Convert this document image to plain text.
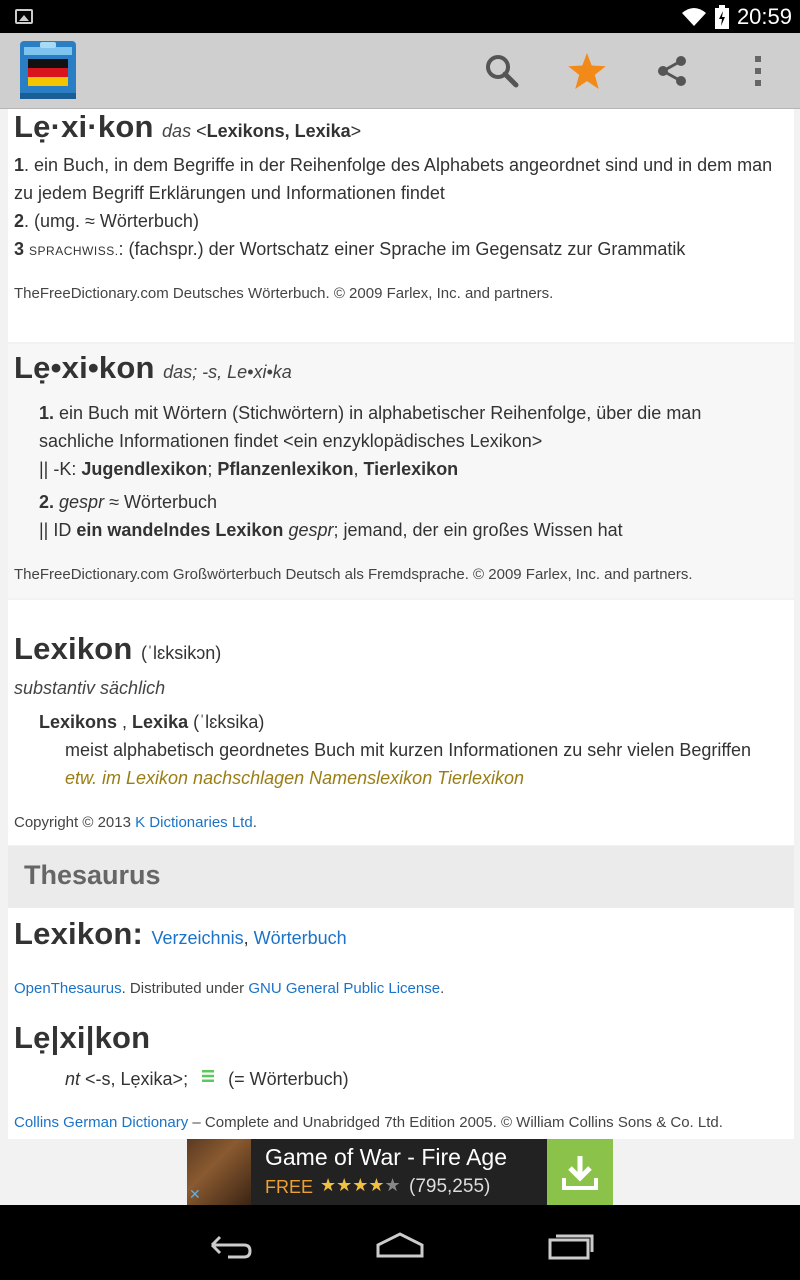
20:59
Lẹ·xi·kon das <Lexikons, Lexika>
1. ein Buch, in dem Begriffe in der Reihenfolge des Alphabets angeordnet sind und in dem man zu jedem Begriff Erklärungen und Informationen findet
2. (umg. ≈ Wörterbuch)
3 SPRACHWISS.: (fachspr.) der Wortschatz einer Sprache im Gegensatz zur Grammatik
TheFreeDictionary.com Deutsches Wörterbuch. © 2009 Farlex, Inc. and partners.
Lẹ•xi•kon das; -s, Le•xi•ka
1. ein Buch mit Wörtern (Stichwörtern) in alphabetischer Reihenfolge, über die man sachliche Informationen findet <ein enzyklopädisches Lexikon>
|| -K: Jugendlexikon; Pflanzenlexikon, Tierlexikon
2. gespr ≈ Wörterbuch
|| ID ein wandelndes Lexikon gespr; jemand, der ein großes Wissen hat
TheFreeDictionary.com Großwörterbuch Deutsch als Fremdsprache. © 2009 Farlex, Inc. and partners.
Lexikon (ˈlɛksikɔn)
substantiv sächlich
Lexikons , Lexika (ˈlɛksika)
meist alphabetisch geordnetes Buch mit kurzen Informationen zu sehr vielen Begriffen
etw. im Lexikon nachschlagen Namenslexikon Tierlexikon
Copyright © 2013 K Dictionaries Ltd.
Thesaurus
Lexikon: Verzeichnis, Wörterbuch
OpenThesaurus. Distributed under GNU General Public License.
Lẹ|xi|kon
nt <-s, Lẹxika>; (= Wörterbuch)
Collins German Dictionary – Complete and Unabridged 7th Edition 2005. © William Collins Sons & Co. Ltd.
✕
Game of War - Fire Age
FREE ★★★★★ (795,255)
